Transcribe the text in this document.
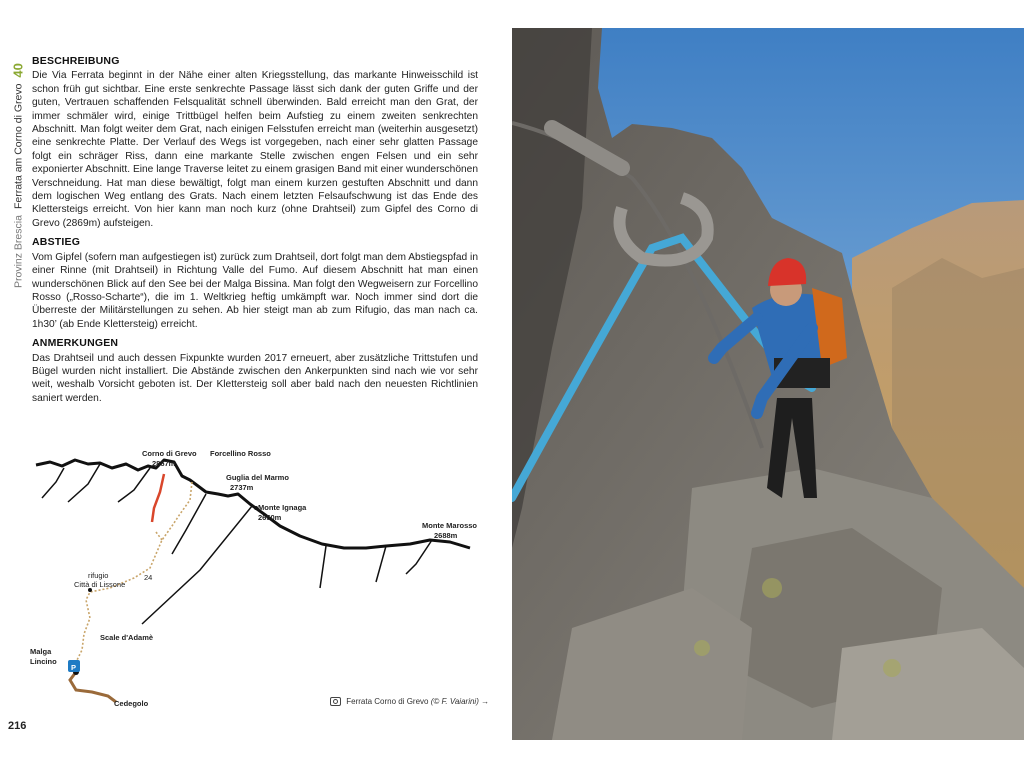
Provinz Brescia
Ferrata am Corno di Grevo
40
BESCHREIBUNG

Die Via Ferrata beginnt in der Nähe einer alten Kriegsstellung, das markante Hinweisschild ist schon früh gut sichtbar. Eine erste senkrechte Passage lässt sich dank der guten Griffe und der guten, Vertrauen schaffenden Felsqualität schnell überwinden. Bald erreicht man den Grat, der immer schmäler wird, einige Trittbügel helfen beim Aufstieg zu einem zweiten senkrechten Abschnitt. Man folgt weiter dem Grat, nach einigen Felsstufen erreicht man (weiterhin ausgesetzt) eine senkrechte Platte. Der Verlauf des Wegs ist vorgegeben, nach einer sehr glatten Passage folgt ein schräger Riss, dann eine markante Stelle zwischen engen Felsen und ein sehr exponierter Abschnitt. Eine lange Traverse leitet zu einem grasigen Band mit einer wunderschönen Verschneidung. Hat man diese bewältigt, folgt man einem kurzen gestuften Abschnitt und dann dem logischen Weg entlang des Grats. Nach einem letzten Felsaufschwung ist das Ende des Klettersteigs erreicht. Von hier kann man noch kurz (ohne Drahtseil) zum Gipfel des Corno di Grevo (2869m) aufsteigen.

ABSTIEG

Vom Gipfel (sofern man aufgestiegen ist) zurück zum Drahtseil, dort folgt man dem Abstiegspfad in einer Rinne (mit Drahtseil) in Richtung Valle del Fumo. Auf diesem Abschnitt hat man einen wunderschönen Blick auf den See bei der Malga Bissina. Man folgt den Wegweisern zur Forcellino Rosso („Rosso-Scharte“), die im 1. Weltkrieg heftig umkämpft war. Noch immer sind dort die Überreste der Militärstellungen zu sehen. Ab hier steigt man ab zum Rifugio, das man nach ca. 1h30’ (ab Ende Klettersteig) erreicht.

ANMERKUNGEN

Das Drahtseil und auch dessen Fixpunkte wurden 2017 erneuert, aber zusätzliche Trittstufen und Bügel wurden nicht installiert. Die Abstände zwischen den Ankerpunkten sind nach wie vor sehr weit, weshalb Vorsicht geboten ist. Der Klettersteig soll aber bald nach den neuesten Richtlinien saniert werden.

P
Corno di Grevo
2867m
Forcellino Rosso
Guglia del Marmo
2737m
Monte Ignaga
2650m
Monte Marosso
2688m
rifugio
Città di Lissone
24
Scale d'Adamè
Malga
Lincino
Cedegolo	Ferrata Corno di Grevo (© F. Vaiarini) →
216
